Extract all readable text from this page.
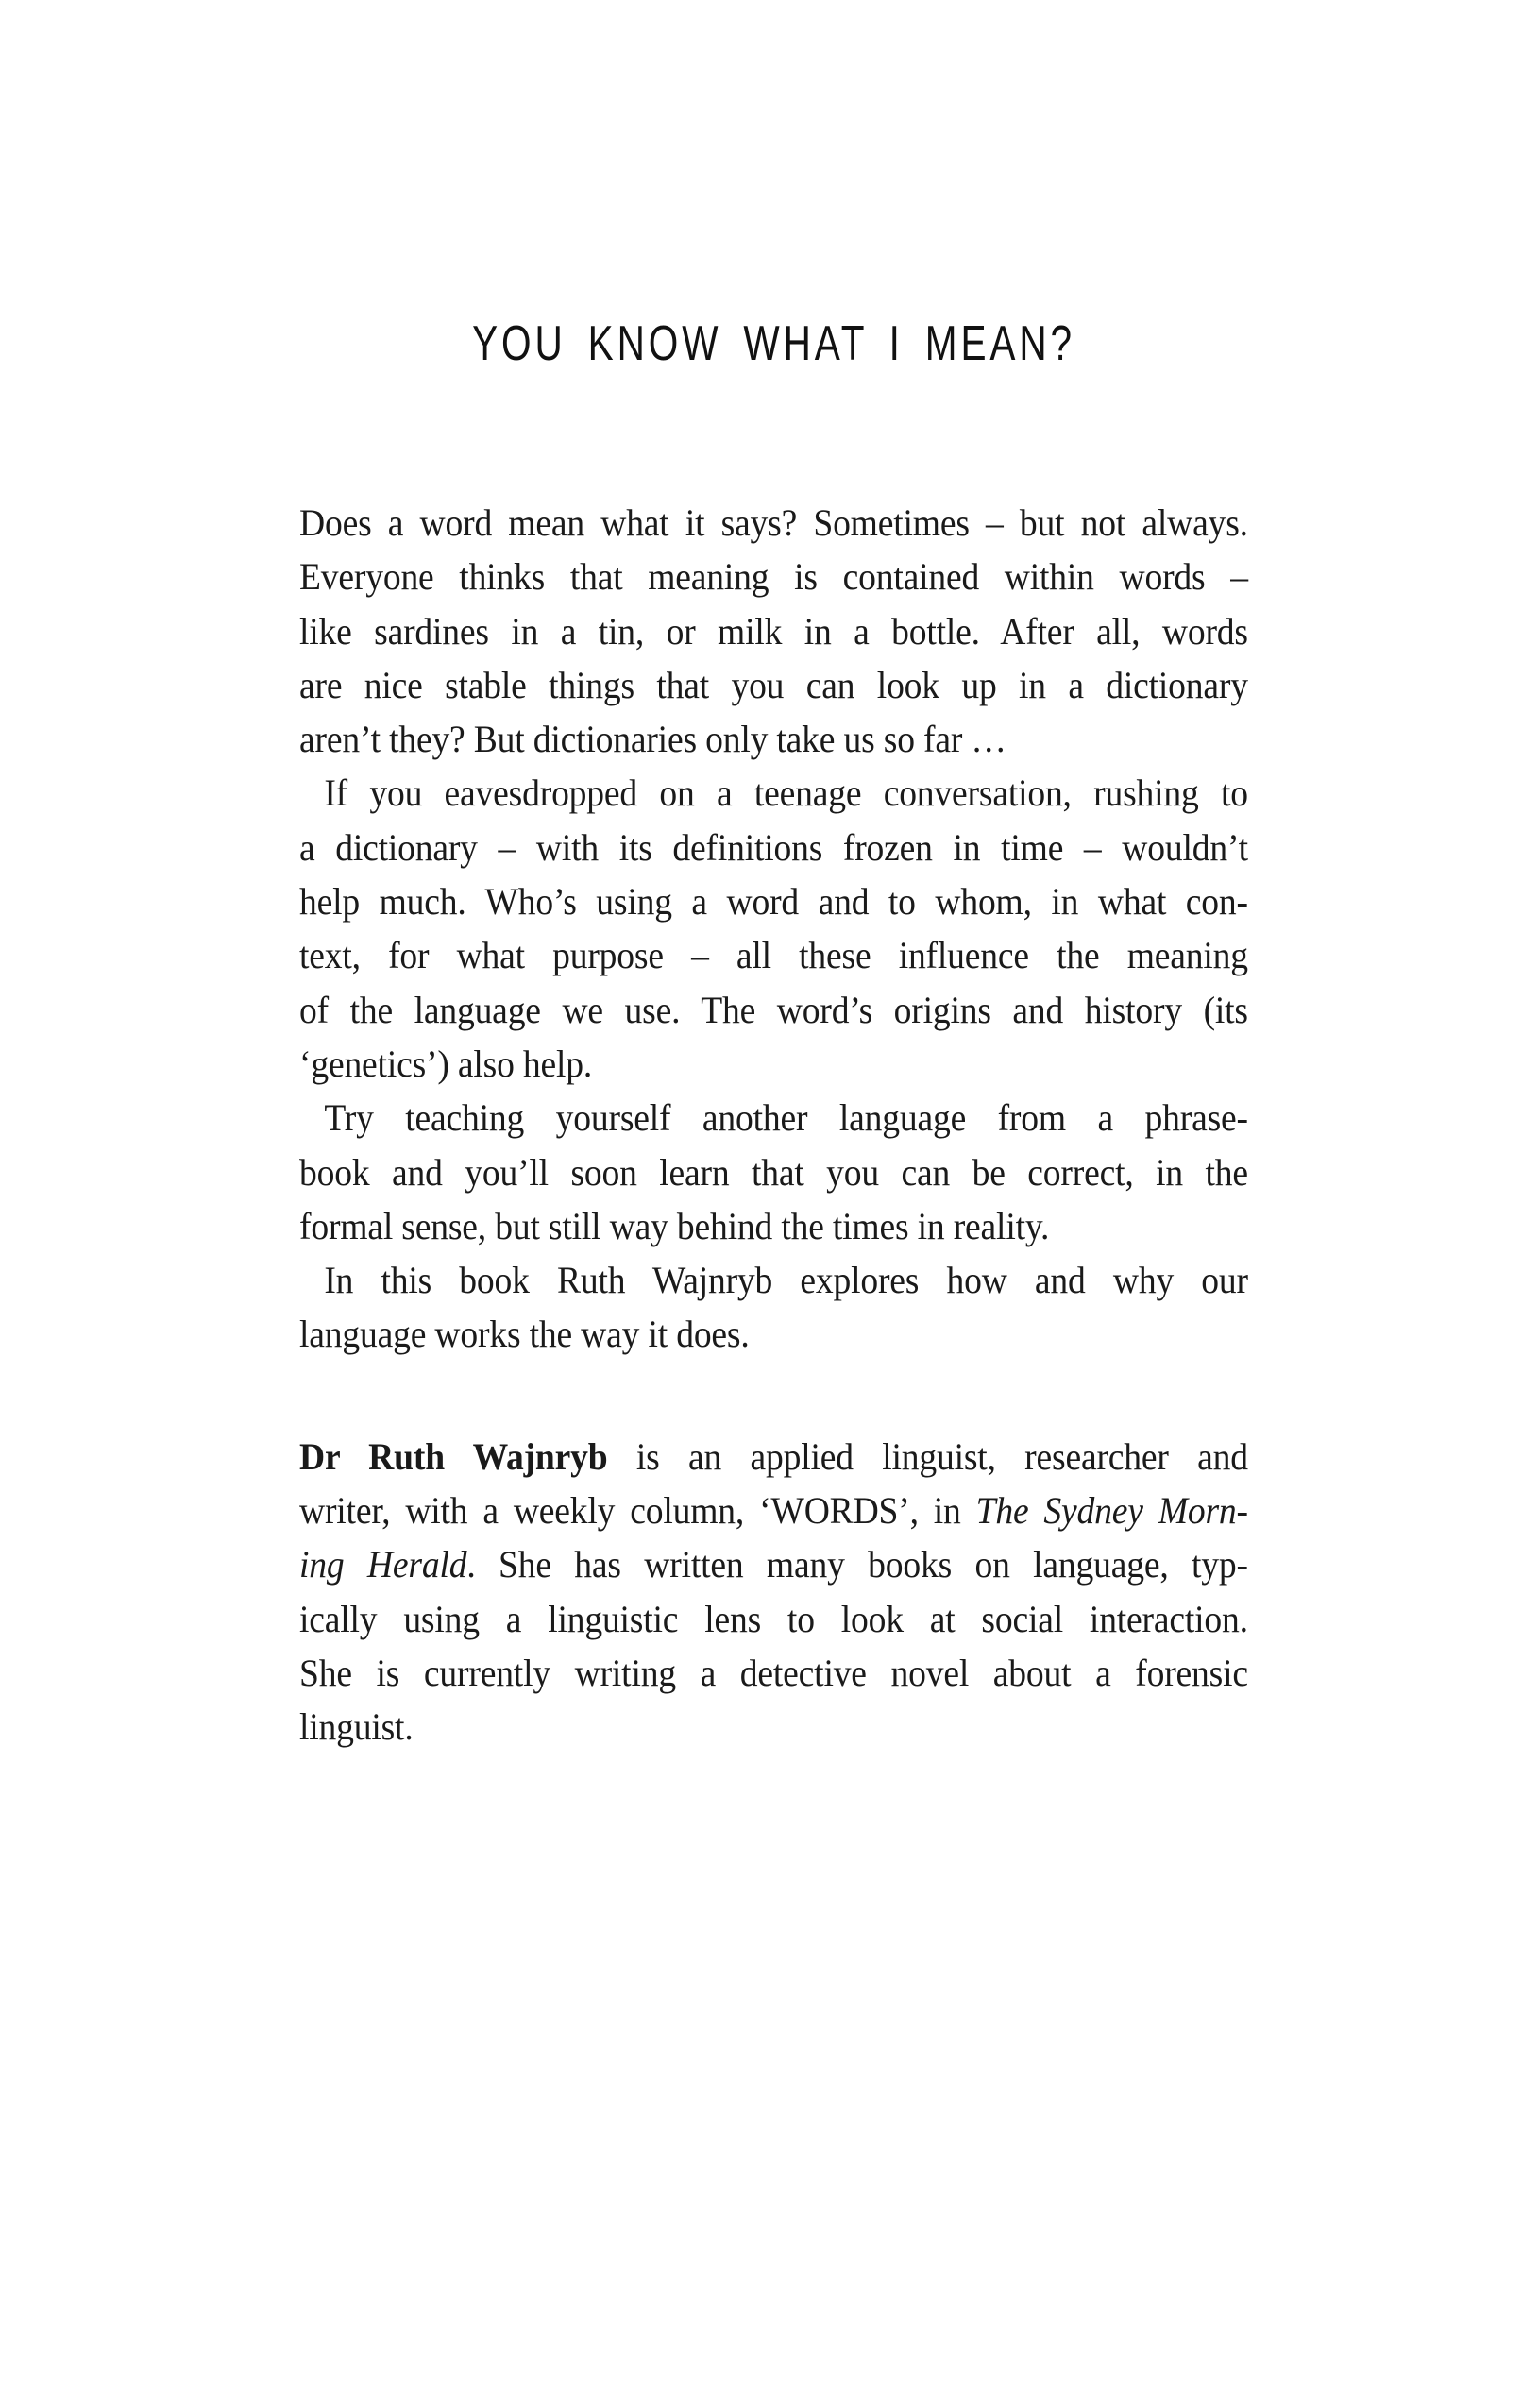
YOU KNOW WHAT I MEAN?
Does a word mean what it says? Sometimes – but not always.
Everyone thinks that meaning is contained within words –
like sardines in a tin, or milk in a bottle. After all, words
are nice stable things that you can look up in a dictionary
aren’t they? But dictionaries only take us so far …
If you eavesdropped on a teenage conversation, rushing to
a dictionary – with its definitions frozen in time – wouldn’t
help much. Who’s using a word and to whom, in what con-
text, for what purpose – all these influence the meaning
of the language we use. The word’s origins and history (its
‘genetics’) also help.
Try teaching yourself another language from a phrase-
book and you’ll soon learn that you can be correct, in the
formal sense, but still way behind the times in reality.
In this book Ruth Wajnryb explores how and why our
language works the way it does.
Dr Ruth Wajnryb is an applied linguist, researcher and
writer, with a weekly column, ‘WORDS’, in The Sydney Morn-
ing Herald. She has written many books on language, typ-
ically using a linguistic lens to look at social interaction.
She is currently writing a detective novel about a forensic
linguist.
